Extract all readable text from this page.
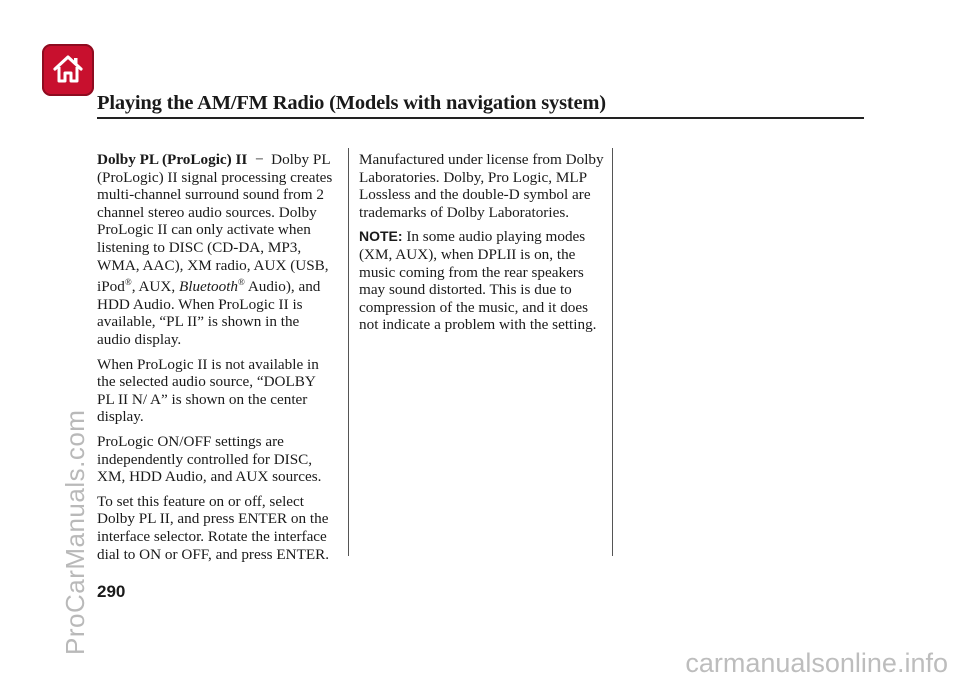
Playing the AM/FM Radio (Models with navigation system)

Dolby PL (ProLogic) II − Dolby PL (ProLogic) II signal processing creates multi-channel surround sound from 2 channel stereo audio sources. Dolby ProLogic II can only activate when listening to DISC (CD-DA, MP3, WMA, AAC), XM radio, AUX (USB, iPod®, AUX, Bluetooth® Audio), and HDD Audio. When ProLogic II is available, “PL II” is shown in the audio display.

When ProLogic II is not available in the selected audio source, “DOLBY PL II N/ A” is shown on the center display.

ProLogic ON/OFF settings are independently controlled for DISC, XM, HDD Audio, and AUX sources.

To set this feature on or off, select Dolby PL II, and press ENTER on the interface selector. Rotate the interface dial to ON or OFF, and press ENTER.

Manufactured under license from Dolby Laboratories. Dolby, Pro Logic, MLP Lossless and the double-D symbol are trademarks of Dolby Laboratories.

NOTE: In some audio playing modes (XM, AUX), when DPLII is on, the music coming from the rear speakers may sound distorted. This is due to compression of the music, and it does not indicate a problem with the setting.

290
ProCarManuals.com
carmanualsonline.info
